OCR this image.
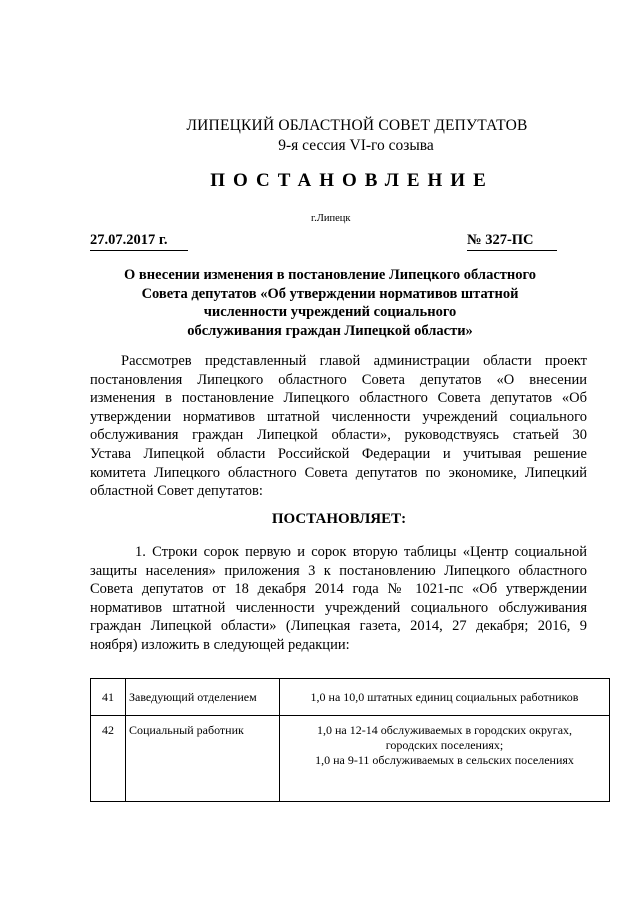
ЛИПЕЦКИЙ ОБЛАСТНОЙ СОВЕТ ДЕПУТАТОВ
9-я сессия VI-го созыва
ПОСТАНОВЛЕНИЕ
г.Липецк
27.07.2017 г.	№ 327-ПС
О внесении изменения в постановление Липецкого областного
Совета депутатов «Об утверждении нормативов штатной
численности учреждений социального
обслуживания граждан Липецкой области»
Рассмотрев представленный главой администрации области проект
постановления Липецкого областного Совета депутатов «О внесении
изменения в постановление Липецкого областного Совета депутатов «Об
утверждении нормативов штатной численности учреждений социального
обслуживания граждан Липецкой области», руководствуясь статьей 30
Устава Липецкой области Российской Федерации и учитывая решение
комитета Липецкого областного Совета депутатов по экономике, Липецкий
областной Совет депутатов:
ПОСТАНОВЛЯЕТ:
1. Строки сорок первую и сорок вторую таблицы «Центр социальной
защиты населения» приложения 3 к постановлению Липецкого областного
Совета депутатов от 18 декабря 2014 года № 1021-пс «Об утверждении
нормативов штатной численности учреждений социального обслуживания
граждан Липецкой области» (Липецкая газета, 2014, 27 декабря; 2016, 9
ноября) изложить в следующей редакции:
41	Заведующий отделением	1,0 на 10,0 штатных единиц социальных работников

42	Социальный работник	1,0 на 12-14 обслуживаемых в городских округах,
городских поселениях;
1,0 на 9-11 обслуживаемых в сельских поселениях
